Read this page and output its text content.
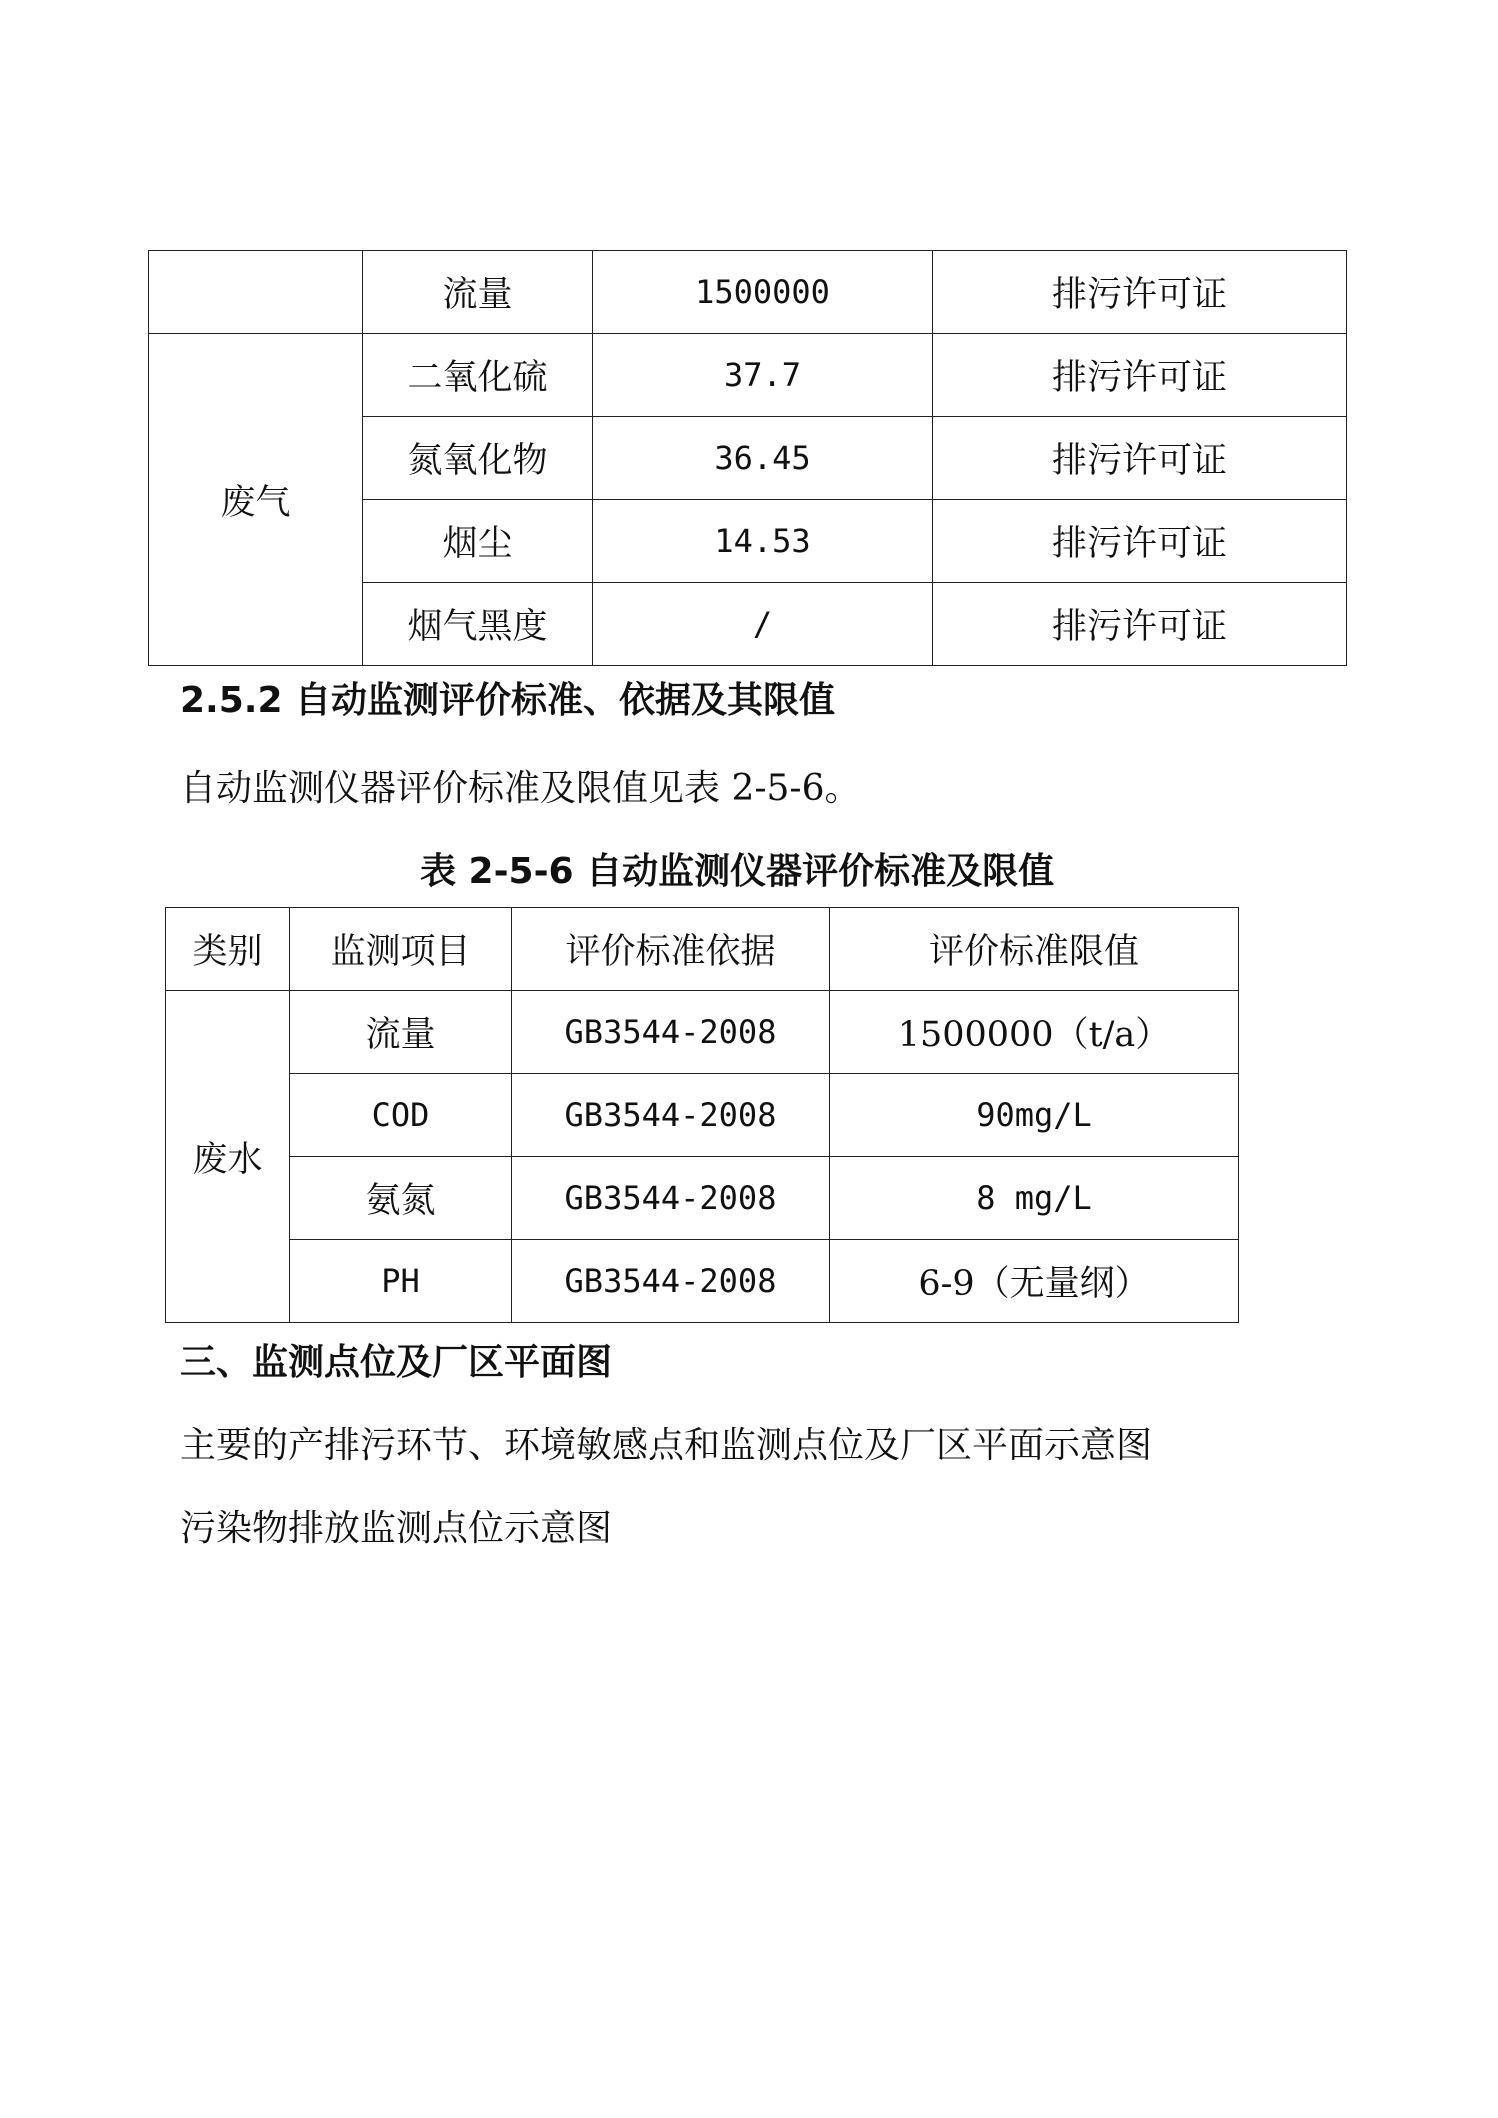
	流量	1500000	排污许可证
废气	二氧化硫	37.7	排污许可证
	氮氧化物	36.45	排污许可证
	烟尘	14.53	排污许可证
	烟气黑度	/	排污许可证
2.5.2 自动监测评价标准、依据及其限值
自动监测仪器评价标准及限值见表 2-5-6。
表 2-5-6 自动监测仪器评价标准及限值
类别	监测项目	评价标准依据	评价标准限值
废水	流量	GB3544-2008	1500000（t/a）
	COD	GB3544-2008	90mg/L
	氨氮	GB3544-2008	8 mg/L
	PH	GB3544-2008	6-9（无量纲）
三、监测点位及厂区平面图
主要的产排污环节、环境敏感点和监测点位及厂区平面示意图
污染物排放监测点位示意图
